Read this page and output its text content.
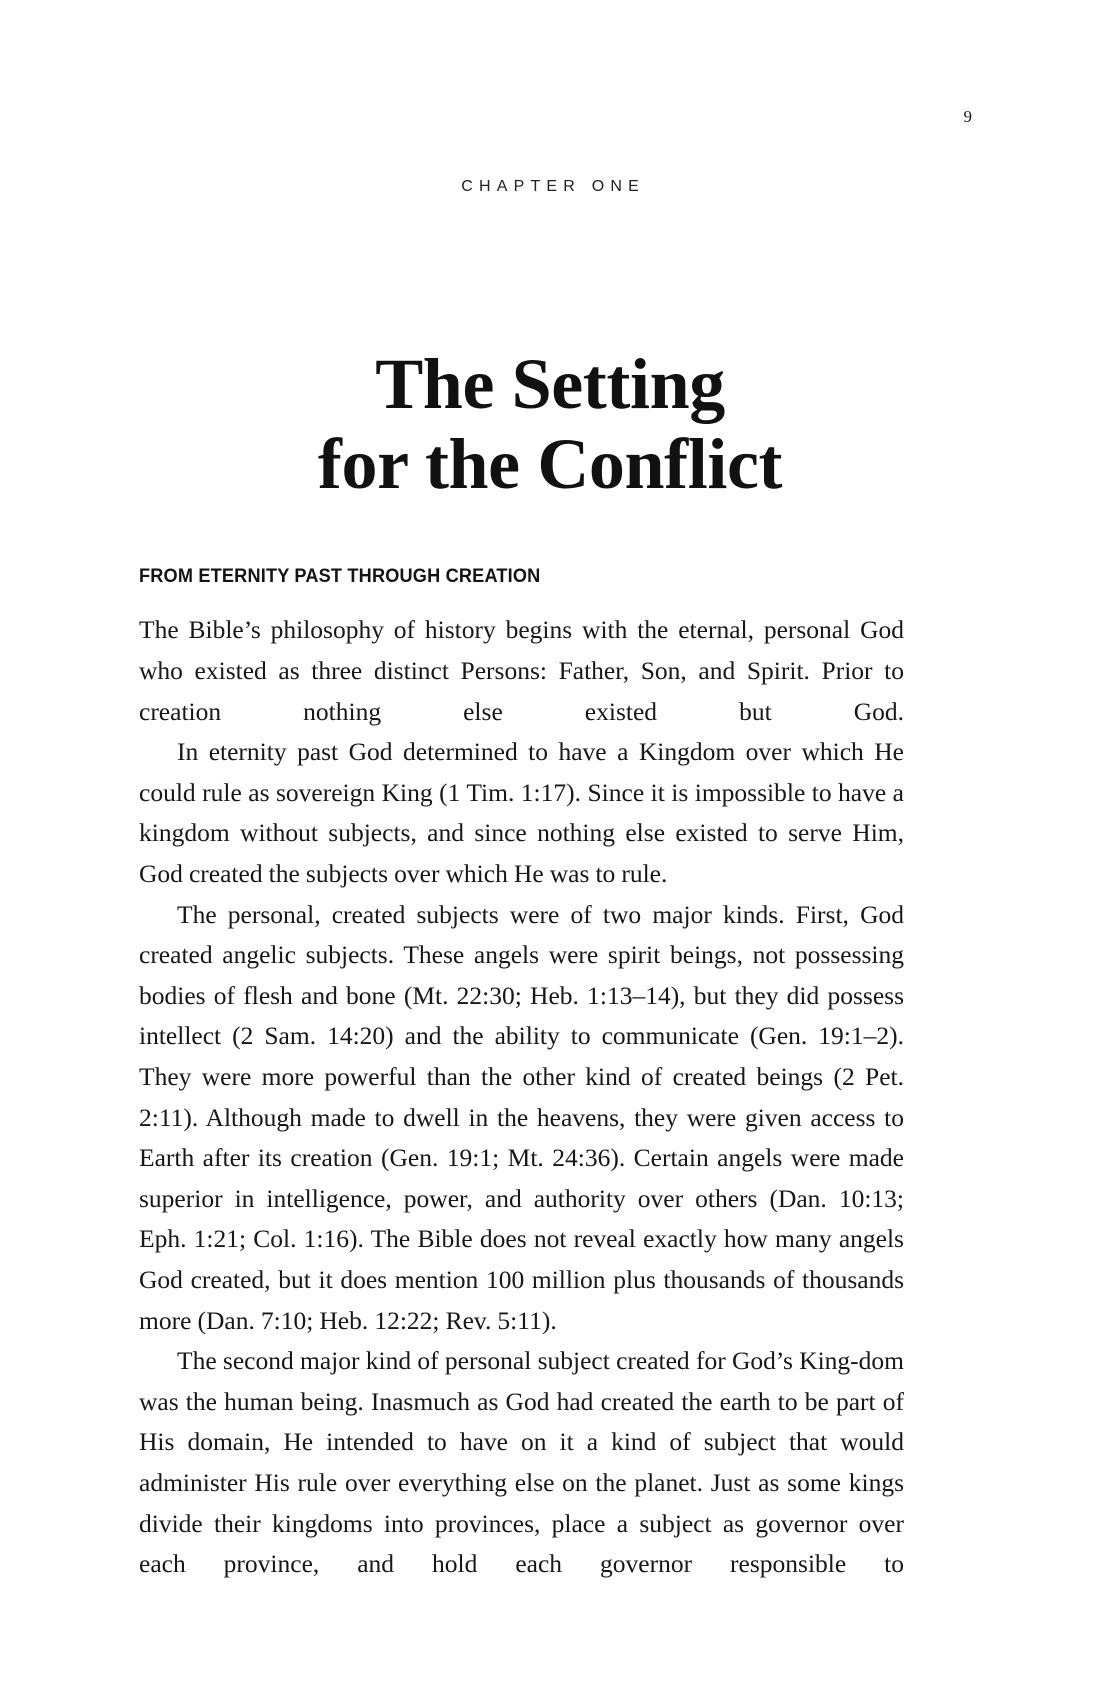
9
CHAPTER ONE
The Setting
for the Conflict
FROM ETERNITY PAST THROUGH CREATION

The Bible’s philosophy of history begins with the eternal, personal God who existed as three distinct Persons: Father, Son, and Spirit. Prior to creation nothing else existed but God.

In eternity past God determined to have a Kingdom over which He could rule as sovereign King (1 Tim. 1:17). Since it is impossible to have a kingdom without subjects, and since nothing else existed to serve Him, God created the subjects over which He was to rule.

The personal, created subjects were of two major kinds. First, God created angelic subjects. These angels were spirit beings, not possessing bodies of flesh and bone (Mt. 22:30; Heb. 1:13–14), but they did possess intellect (2 Sam. 14:20) and the ability to communicate (Gen. 19:1–2). They were more powerful than the other kind of created beings (2 Pet. 2:11). Although made to dwell in the heavens, they were given access to Earth after its creation (Gen. 19:1; Mt. 24:36). Certain angels were made superior in intelligence, power, and authority over others (Dan. 10:13; Eph. 1:21; Col. 1:16). The Bible does not reveal exactly how many angels God created, but it does mention 100 million plus thousands of thousands more (Dan. 7:10; Heb. 12:22; Rev. 5:11).

The second major kind of personal subject created for God’s King-dom was the human being. Inasmuch as God had created the earth to be part of His domain, He intended to have on it a kind of subject that would administer His rule over everything else on the planet. Just as some kings divide their kingdoms into provinces, place a subject as governor over each province, and hold each governor responsible to
